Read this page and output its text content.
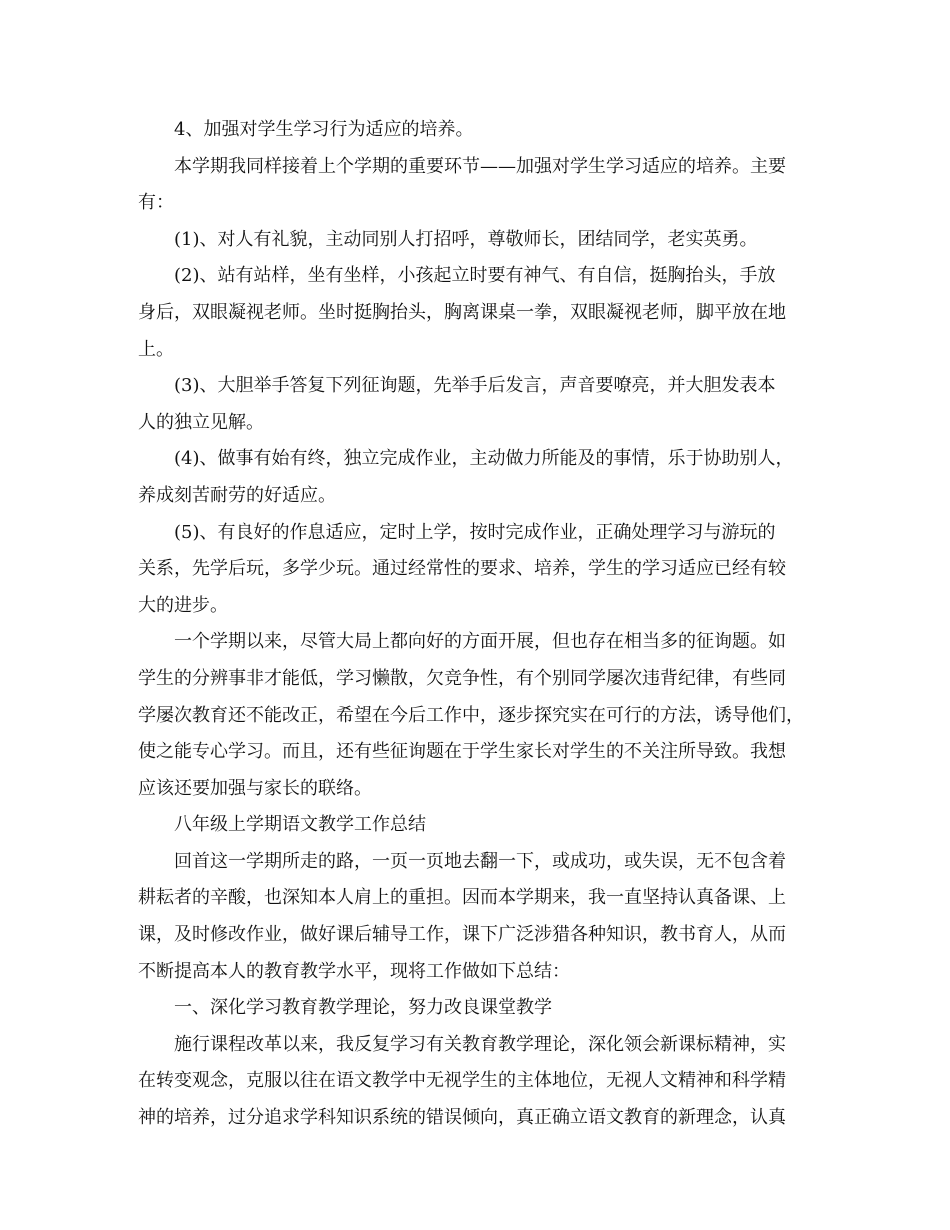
4、加强对学生学习行为适应的培养。
本学期我同样接着上个学期的重要环节——加强对学生学习适应的培养。主要
有：
(1)、对人有礼貌，主动同别人打招呼，尊敬师长，团结同学，老实英勇。
(2)、站有站样，坐有坐样，小孩起立时要有神气、有自信，挺胸抬头，手放
身后，双眼凝视老师。坐时挺胸抬头，胸离课桌一拳，双眼凝视老师，脚平放在地
上。
(3)、大胆举手答复下列征询题，先举手后发言，声音要嘹亮，并大胆发表本
人的独立见解。
(4)、做事有始有终，独立完成作业，主动做力所能及的事情，乐于协助别人，
养成刻苦耐劳的好适应。
(5)、有良好的作息适应，定时上学，按时完成作业，正确处理学习与游玩的
关系，先学后玩，多学少玩。通过经常性的要求、培养，学生的学习适应已经有较
大的进步。
一个学期以来，尽管大局上都向好的方面开展，但也存在相当多的征询题。如
学生的分辨事非才能低，学习懒散，欠竞争性，有个别同学屡次违背纪律，有些同
学屡次教育还不能改正，希望在今后工作中，逐步探究实在可行的方法，诱导他们，
使之能专心学习。而且，还有些征询题在于学生家长对学生的不关注所导致。我想
应该还要加强与家长的联络。
八年级上学期语文教学工作总结
回首这一学期所走的路，一页一页地去翻一下，或成功，或失误，无不包含着
耕耘者的辛酸，也深知本人肩上的重担。因而本学期来，我一直坚持认真备课、上
课，及时修改作业，做好课后辅导工作，课下广泛涉猎各种知识，教书育人，从而
不断提高本人的教育教学水平，现将工作做如下总结：
一、深化学习教育教学理论，努力改良课堂教学
施行课程改革以来，我反复学习有关教育教学理论，深化领会新课标精神，实
在转变观念，克服以往在语文教学中无视学生的主体地位，无视人文精神和科学精
神的培养，过分追求学科知识系统的错误倾向，真正确立语文教育的新理念，认真
